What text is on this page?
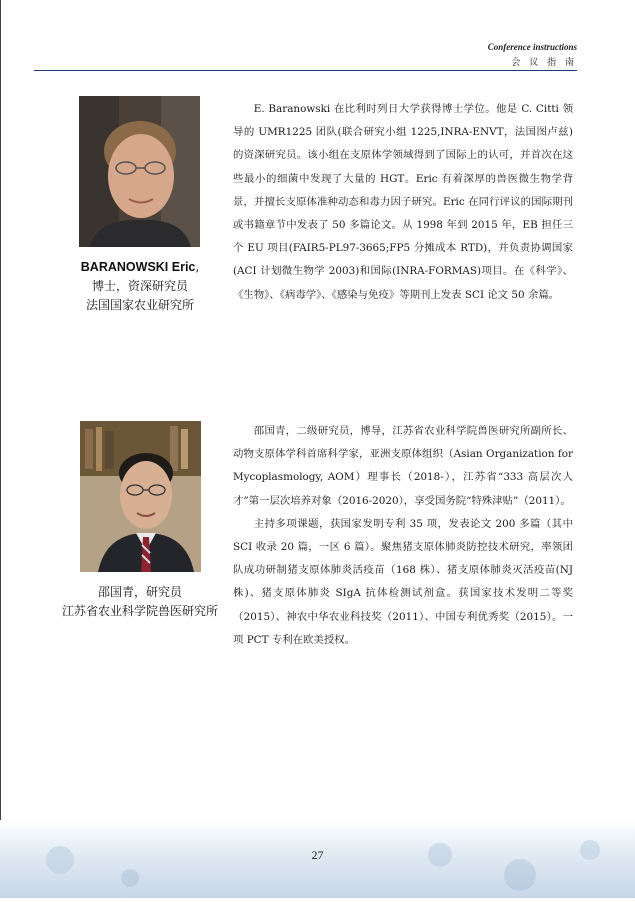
Conference instructions
会 议 指 南
BARANOWSKI Eric,
博士，资深研究员
法国国家农业研究所

E. Baranowski 在比利时列日大学获得博士学位。他是 C. Citti 领导的 UMR1225 团队(联合研究小组 1225,INRA-ENVT，法国图卢兹)的资深研究员。该小组在支原体学领域得到了国际上的认可，并首次在这些最小的细菌中发现了大量的 HGT。Eric 有着深厚的兽医微生物学背景，并擅长支原体准种动态和毒力因子研究。Eric 在同行评议的国际期刊或书籍章节中发表了 50 多篇论文。从 1998 年到 2015 年，EB 担任三个 EU 项目(FAIR5-PL97-3665;FP5 分摊成本 RTD)，并负责协调国家(ACI 计划微生物学 2003)和国际(INRA-FORMAS)项目。在《科学》、《生物》、《病毒学》、《感染与免疫》等期刊上发表 SCI 论文 50 余篇。

邵国青，研究员
江苏省农业科学院兽医研究所

邵国青，二级研究员，博导，江苏省农业科学院兽医研究所副所长、动物支原体学科首席科学家，亚洲支原体组织（Asian Organization for Mycoplasmology, AOM）理事长（2018-），江苏省“333 高层次人才”第一层次培养对象（2016-2020），享受国务院“特殊津贴”（2011）。

主持多项课题，获国家发明专利 35 项，发表论文 200 多篇（其中 SCI 收录 20 篇，一区 6 篇）。聚焦猪支原体肺炎防控技术研究，率领团队成功研制猪支原体肺炎活疫苗（168 株）、猪支原体肺炎灭活疫苗(NJ 株)、猪支原体肺炎 SIgA 抗体检测试剂盒。获国家技术发明二等奖（2015）、神农中华农业科技奖（2011）、中国专利优秀奖（2015）。一项 PCT 专利在欧美授权。

27
